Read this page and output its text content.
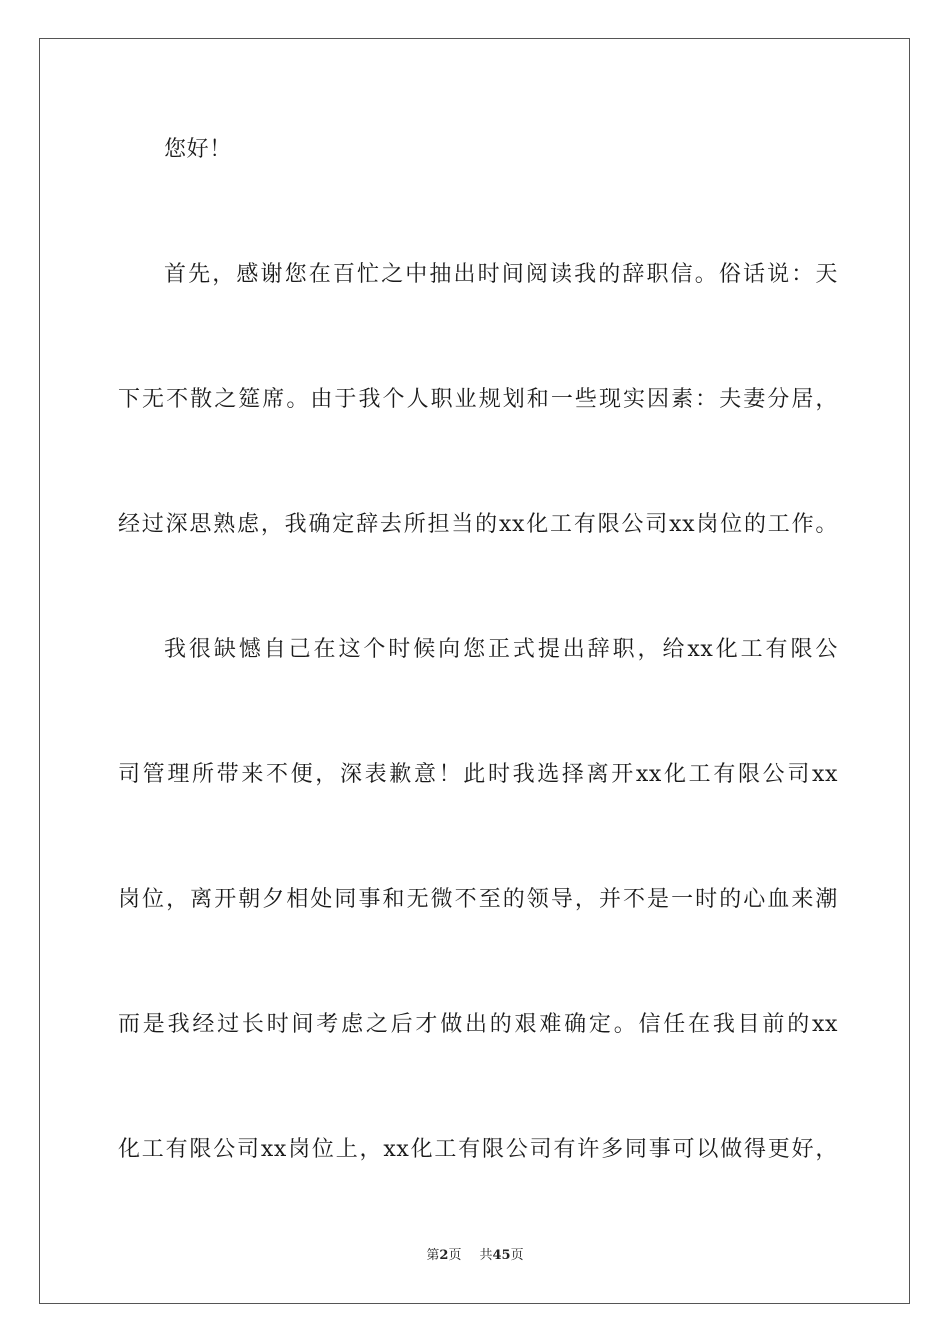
您好！
首先，感谢您在百忙之中抽出时间阅读我的辞职信。俗话说：天
下无不散之筵席。由于我个人职业规划和一些现实因素：夫妻分居，
经过深思熟虑，我确定辞去所担当的xx化工有限公司xx岗位的工作。
我很缺憾自己在这个时候向您正式提出辞职，给xx化工有限公
司管理所带来不便，深表歉意！此时我选择离开xx化工有限公司xx
岗位，离开朝夕相处同事和无微不至的领导，并不是一时的心血来潮
而是我经过长时间考虑之后才做出的艰难确定。信任在我目前的xx
化工有限公司xx岗位上，xx化工有限公司有许多同事可以做得更好，
第2页 共45页
